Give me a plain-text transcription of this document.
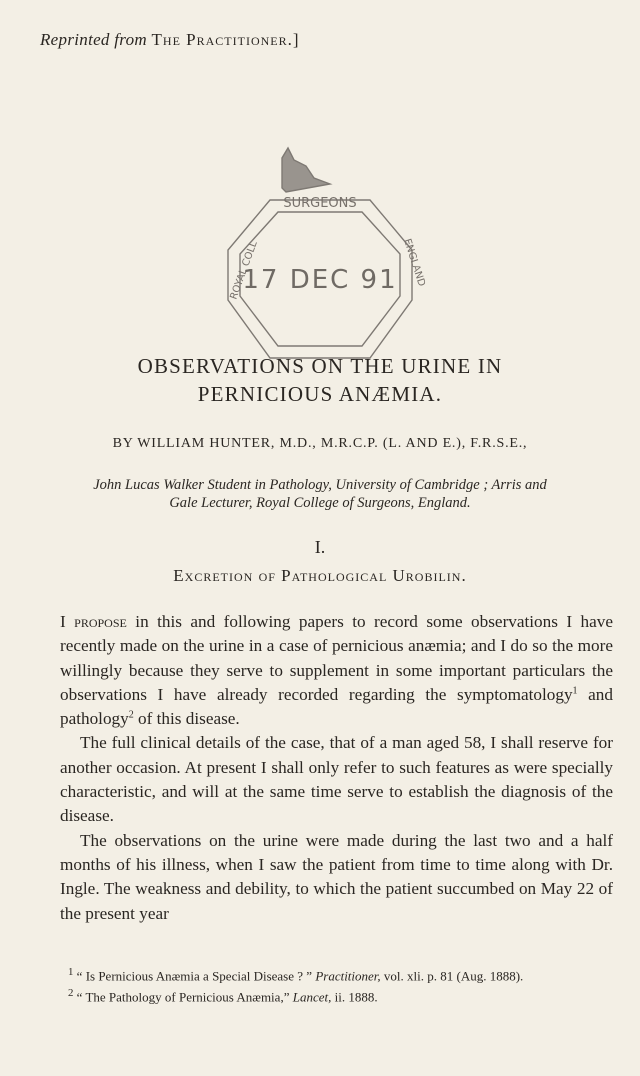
Reprinted from The Practitioner.]
SURGEONS
ROYAL COLL	ENGLAND
17 DEC 91
OBSERVATIONS ON THE URINE IN
PERNICIOUS ANÆMIA.
BY WILLIAM HUNTER, M.D., M.R.C.P. (L. AND E.), F.R.S.E.,
John Lucas Walker Student in Pathology, University of Cambridge ; Arris and
Gale Lecturer, Royal College of Surgeons, England.
I.
Excretion of Pathological Urobilin.

I propose in this and following papers to record some observations I have recently made on the urine in a case of pernicious anæmia; and I do so the more willingly because they serve to supplement in some important particulars the observations I have already recorded regarding the symptomatology$^1$ and pathology$^2$ of this disease.

The full clinical details of the case, that of a man aged 58, I shall reserve for another occasion. At present I shall only refer to such features as were specially characteristic, and will at the same time serve to establish the diagnosis of the disease.

The observations on the urine were made during the last two and a half months of his illness, when I saw the patient from time to time along with Dr. Ingle. The weakness and debility, to which the patient succumbed on May 22 of the present year

$^1$ “ Is Pernicious Anæmia a Special Disease ? ” Practitioner, vol. xli. p. 81 (Aug. 1888).
$^2$ “ The Pathology of Pernicious Anæmia,” Lancet, ii. 1888.
